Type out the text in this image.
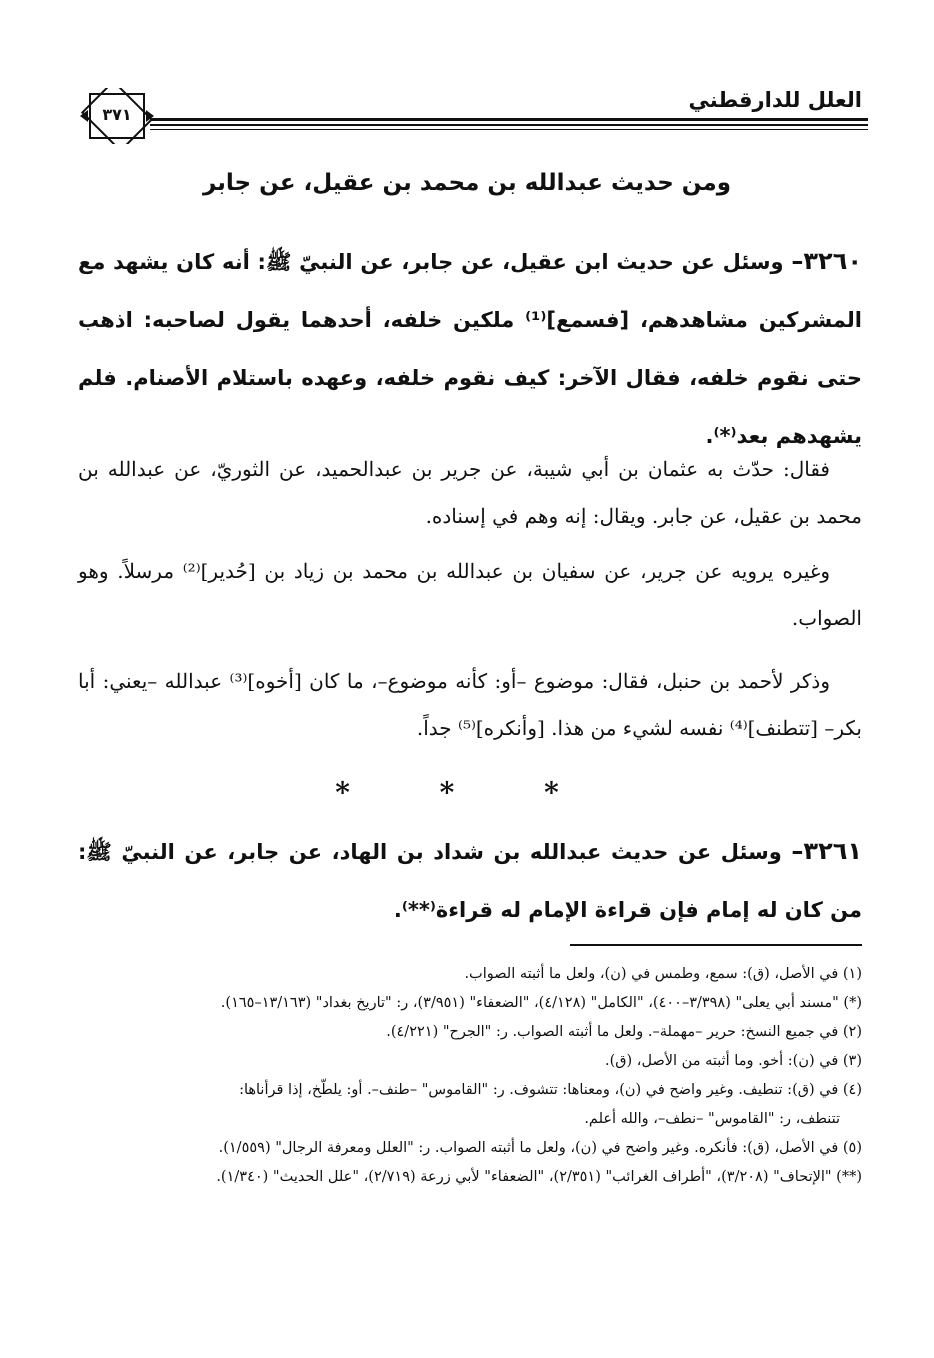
العلل للدارقطني
٣٧١
ومن حديث عبدالله بن محمد بن عقيل، عن جابر
٣٢٦٠– وسئل عن حديث ابن عقيل، عن جابر، عن النبيّ ﷺ: أنه كان يشهد مع المشركين مشاهدهم، [فسمع]⁽¹⁾ ملكين خلفه، أحدهما يقول لصاحبه: اذهب حتى نقوم خلفه، فقال الآخر: كيف نقوم خلفه، وعهده باستلام الأصنام. فلم يشهدهم بعد⁽*⁾.
فقال: حدّث به عثمان بن أبي شيبة، عن جرير بن عبدالحميد، عن الثوريّ، عن عبدالله بن محمد بن عقيل، عن جابر. ويقال: إنه وهم في إسناده.
وغيره يرويه عن جرير، عن سفيان بن عبدالله بن محمد بن زياد بن [حُدير]⁽²⁾ مرسلاً. وهو الصواب.
وذكر لأحمد بن حنبل، فقال: موضوع –أو: كأنه موضوع–، ما كان [أخوه]⁽³⁾ عبدالله –يعني: أبا بكر– [تتطنف]⁽⁴⁾ نفسه لشيء من هذا. [وأنكره]⁽⁵⁾ جداً.
* * *
٣٢٦١– وسئل عن حديث عبدالله بن شداد بن الهاد، عن جابر، عن النبيّ ﷺ: من كان له إمام فإن قراءة الإمام له قراءة⁽**⁾.

(١) في الأصل، (ق): سمع، وطمس في (ن)، ولعل ما أثبته الصواب.

(*) "مسند أبي يعلى" (٣/٣٩٨–٤٠٠)، "الكامل" (٤/١٢٨)، "الضعفاء" (٣/٩٥١)، ر: "تاريخ بغداد" (١٣/١٦٣–١٦٥).

(٢) في جميع النسخ: حرير –مهملة–. ولعل ما أثبته الصواب. ر: "الجرح" (٤/٢٢١).

(٣) في (ن): أخو. وما أثبته من الأصل، (ق).

(٤) في (ق): تنطيف. وغير واضح في (ن)، ومعناها: تتشوف. ر: "القاموس" –طنف–. أو: يلطّخ، إذا قرأناها:

تتنطف، ر: "القاموس" –نطف–، والله أعلم.

(٥) في الأصل، (ق): فأنكره. وغير واضح في (ن)، ولعل ما أثبته الصواب. ر: "العلل ومعرفة الرجال" (١/٥٥٩).

(**) "الإتحاف" (٣/٢٠٨)، "أطراف الغرائب" (٢/٣٥١)، "الضعفاء" لأبي زرعة (٢/٧١٩)، "علل الحديث" (١/٣٤٠).
